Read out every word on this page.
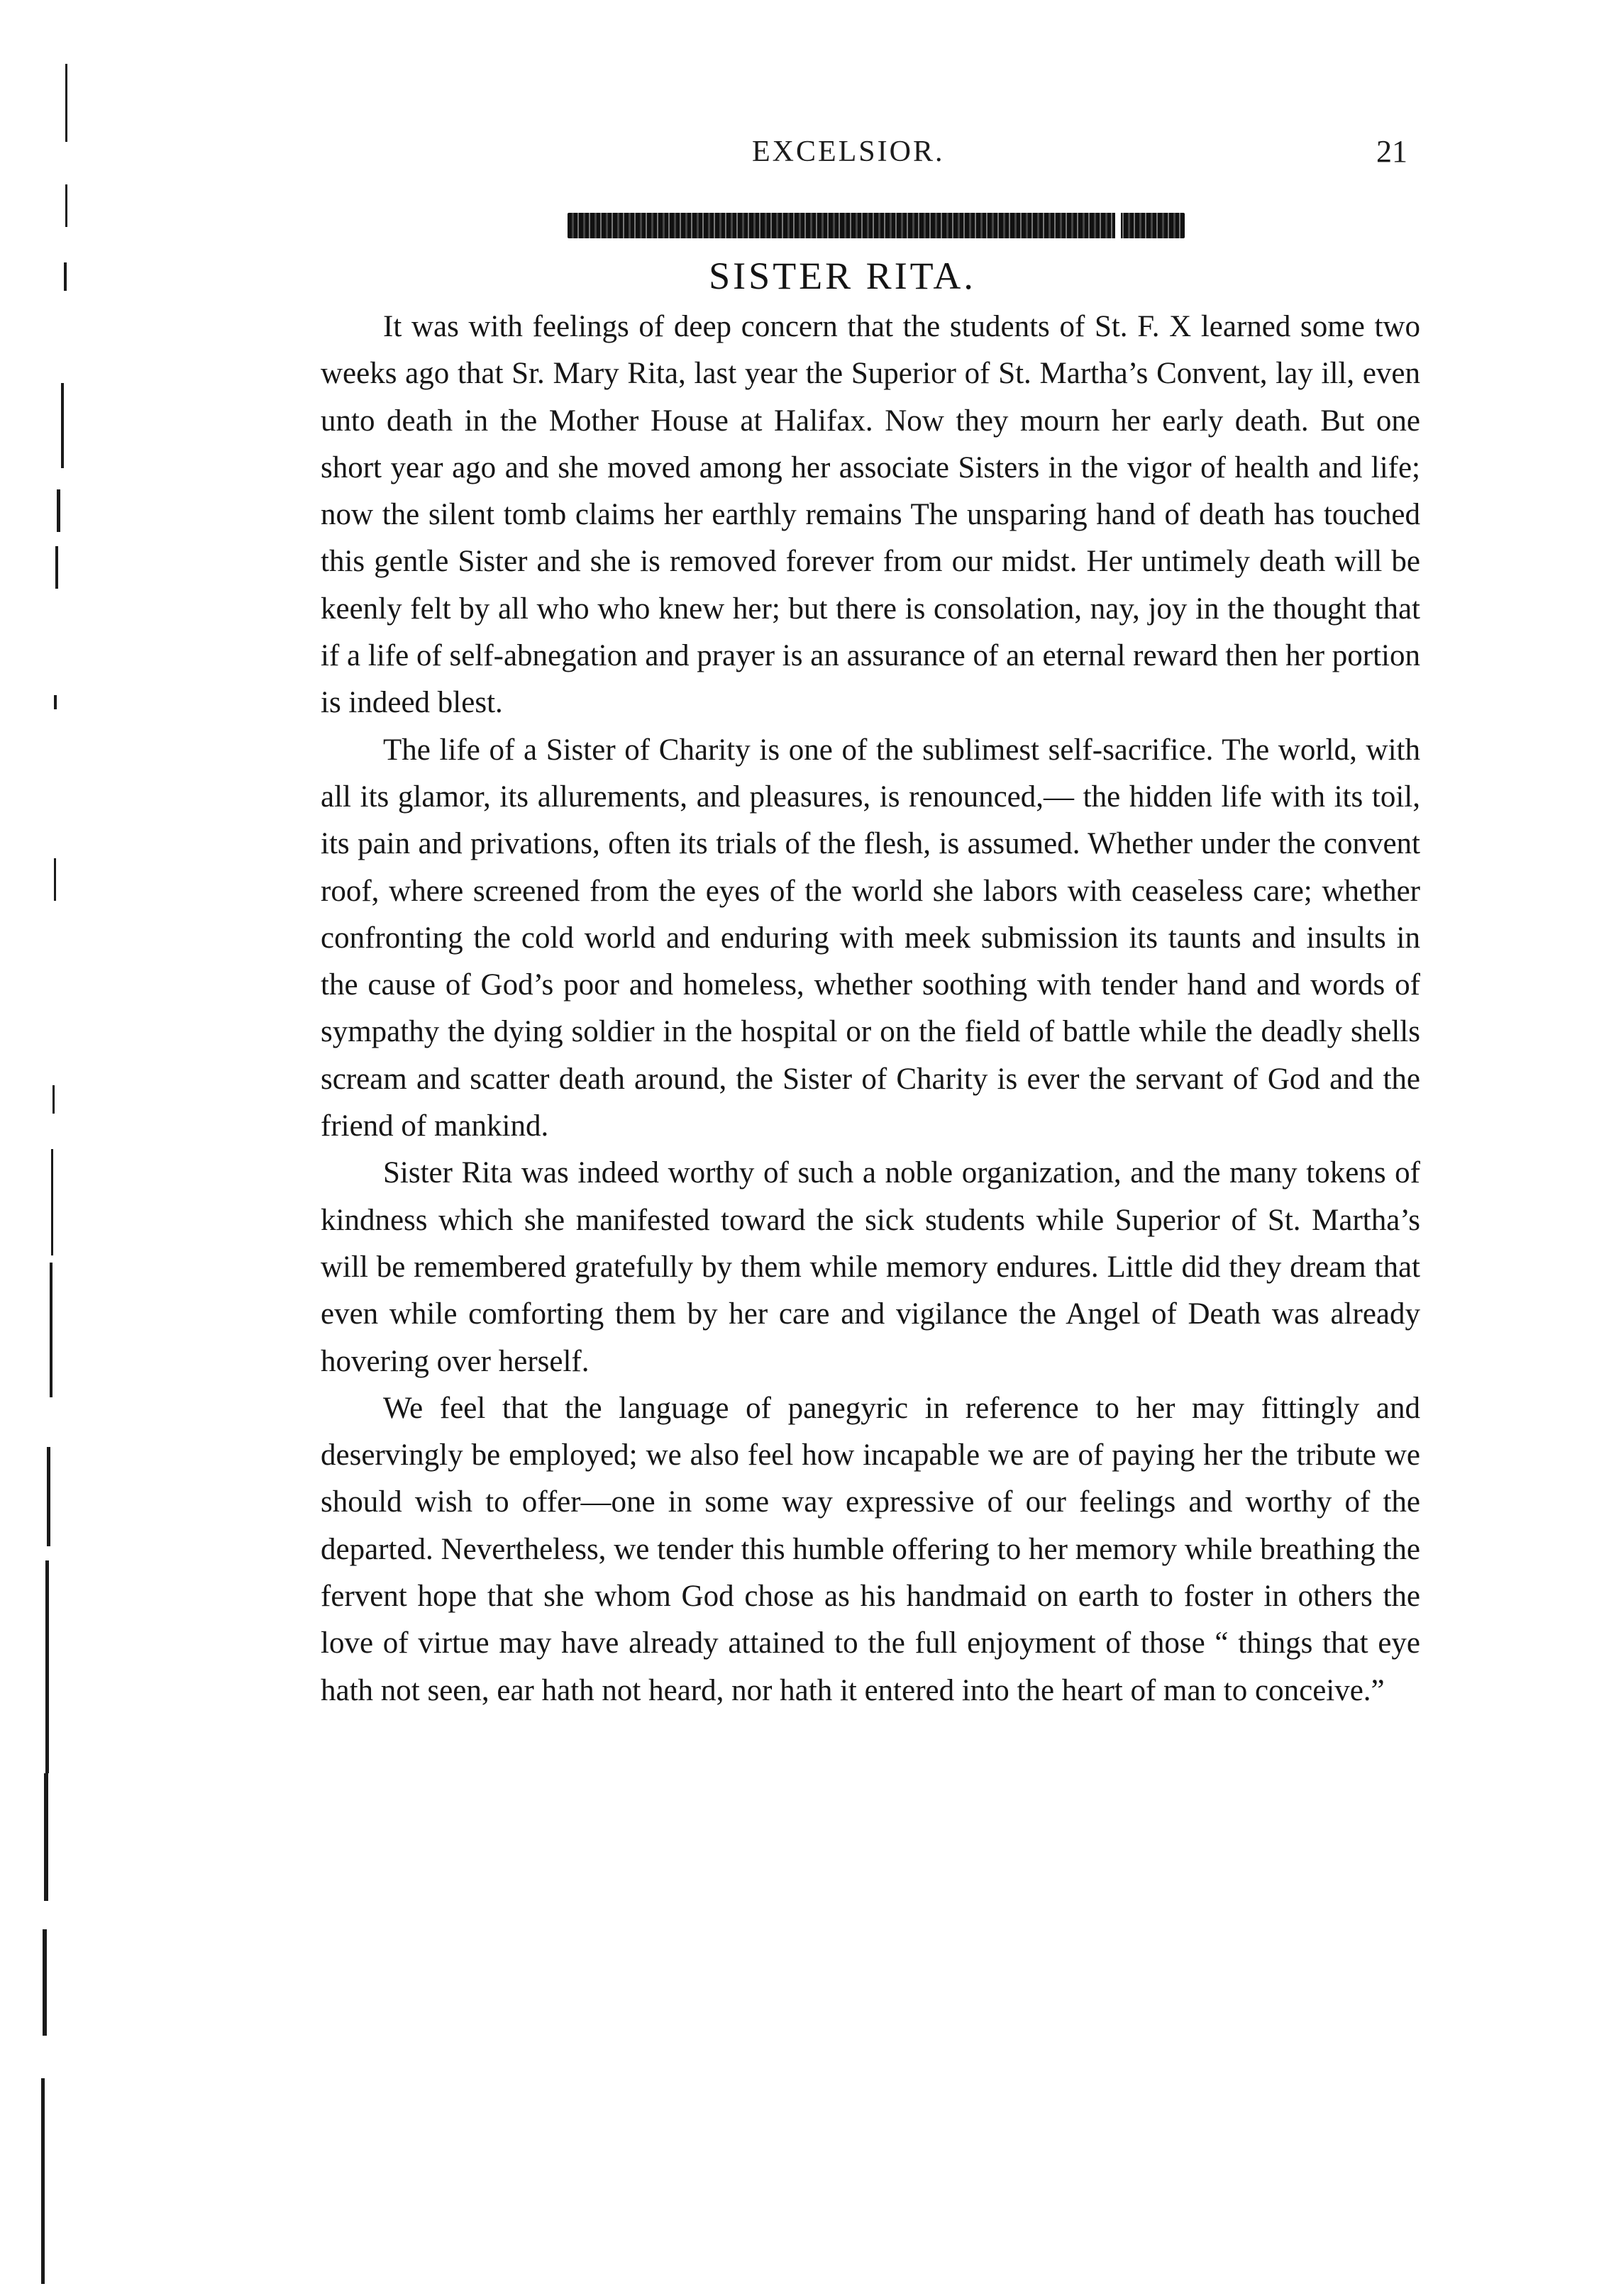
EXCELSIOR.	21
SISTER RITA.

It was with feelings of deep concern that the students of St. F. X learned some two weeks ago that Sr. Mary Rita, last year the Superior of St. Martha’s Convent, lay ill, even unto death in the Mother House at Halifax. Now they mourn her early death. But one short year ago and she moved among her associate Sisters in the vigor of health and life; now the silent tomb claims her earthly remains The unsparing hand of death has touched this gentle Sister and she is removed forever from our midst. Her untimely death will be keenly felt by all who who knew her; but there is consolation, nay, joy in the thought that if a life of self-abnegation and prayer is an assurance of an eternal reward then her portion is indeed blest.

The life of a Sister of Charity is one of the sublimest self-sacrifice. The world, with all its glamor, its allurements, and pleasures, is renounced,— the hidden life with its toil, its pain and privations, often its trials of the flesh, is assumed. Whether under the convent roof, where screened from the eyes of the world she labors with ceaseless care; whether confronting the cold world and enduring with meek submission its taunts and insults in the cause of God’s poor and homeless, whether soothing with tender hand and words of sympathy the dying soldier in the hospital or on the field of battle while the deadly shells scream and scatter death around, the Sister of Charity is ever the servant of God and the friend of mankind.

Sister Rita was indeed worthy of such a noble organization, and the many tokens of kindness which she manifested toward the sick students while Superior of St. Martha’s will be remembered gratefully by them while memory endures. Little did they dream that even while comforting them by her care and vigilance the Angel of Death was already hovering over herself.

We feel that the language of panegyric in reference to her may fittingly and deservingly be employed; we also feel how incapable we are of paying her the tribute we should wish to offer—one in some way expressive of our feelings and worthy of the departed. Nevertheless, we tender this humble offering to her memory while breathing the fervent hope that she whom God chose as his handmaid on earth to foster in others the love of virtue may have already attained to the full enjoyment of those “ things that eye hath not seen, ear hath not heard, nor hath it entered into the heart of man to conceive.”
